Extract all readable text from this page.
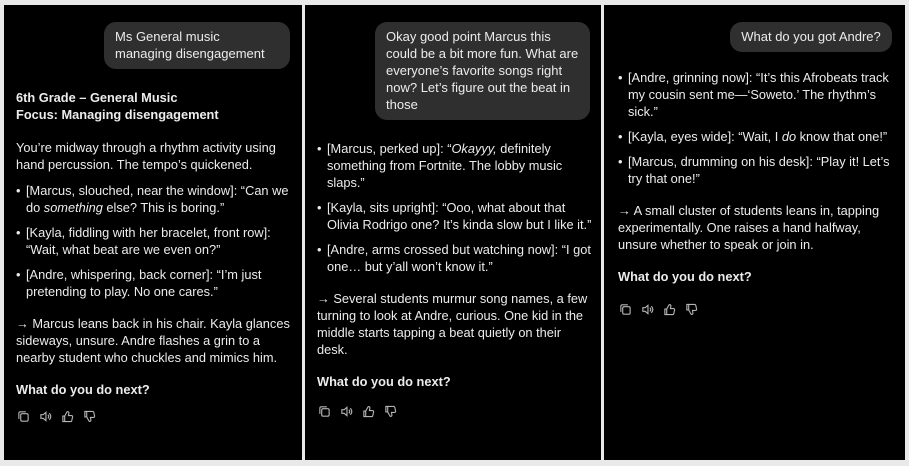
Ms General music managing disengagement

6th Grade – General Music
Focus: Managing disengagement

You’re midway through a rhythm activity using hand percussion. The tempo’s quickened.

• [Marcus, slouched, near the window]: “Can we do something else? This is boring.”
• [Kayla, fiddling with her bracelet, front row]: “Wait, what beat are we even on?”
• [Andre, whispering, back corner]: “I’m just pretending to play. No one cares.”

→ Marcus leans back in his chair. Kayla glances sideways, unsure. Andre flashes a grin to a nearby student who chuckles and mimics him.

What do you do next?

Okay good point Marcus this could be a bit more fun. What are everyone’s favorite songs right now? Let’s figure out the beat in those
• [Marcus, perked up]: “Okayyy, definitely something from Fortnite. The lobby music slaps.”
• [Kayla, sits upright]: “Ooo, what about that Olivia Rodrigo one? It’s kinda slow but I like it.”
• [Andre, arms crossed but watching now]: “I got one… but y’all won’t know it.”

→ Several students murmur song names, a few turning to look at Andre, curious. One kid in the middle starts tapping a beat quietly on their desk.

What do you do next?

What do you got Andre?
• [Andre, grinning now]: “It’s this Afrobeats track my cousin sent me—‘Soweto.’ The rhythm’s sick.”
• [Kayla, eyes wide]: “Wait, I do know that one!”
• [Marcus, drumming on his desk]: “Play it! Let’s try that one!”

→ A small cluster of students leans in, tapping experimentally. One raises a hand halfway, unsure whether to speak or join in.

What do you do next?
